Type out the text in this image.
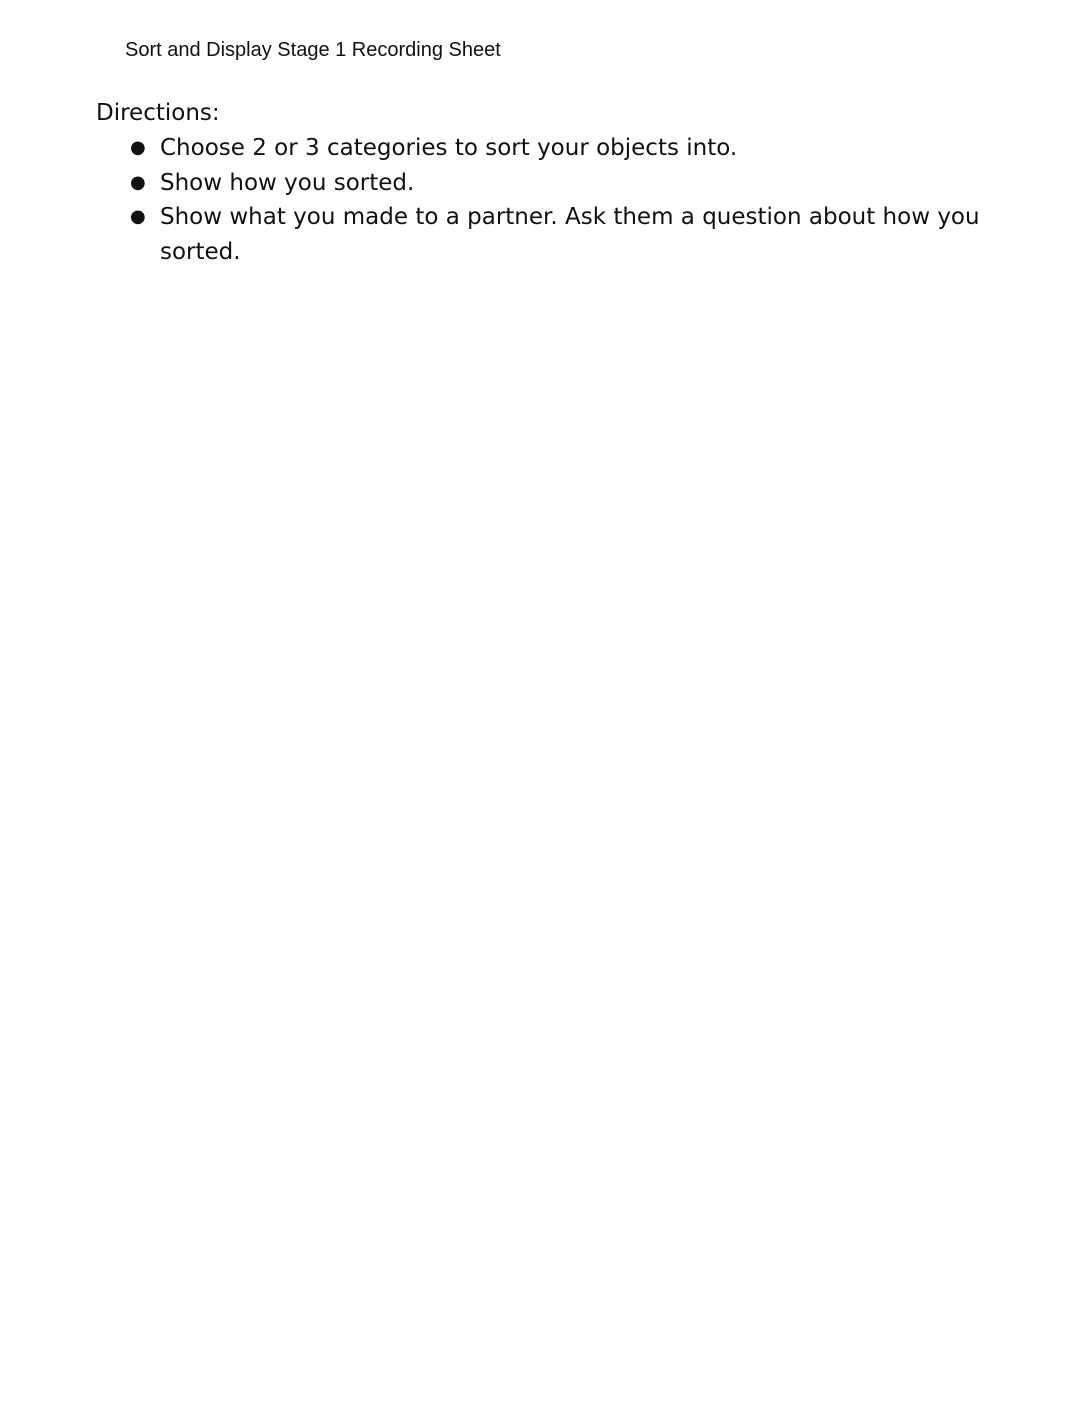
Sort and Display Stage 1 Recording Sheet
Directions:
● Choose 2 or 3 categories to sort your objects into.
● Show how you sorted.
● Show what you made to a partner. Ask them a question about how you sorted.
